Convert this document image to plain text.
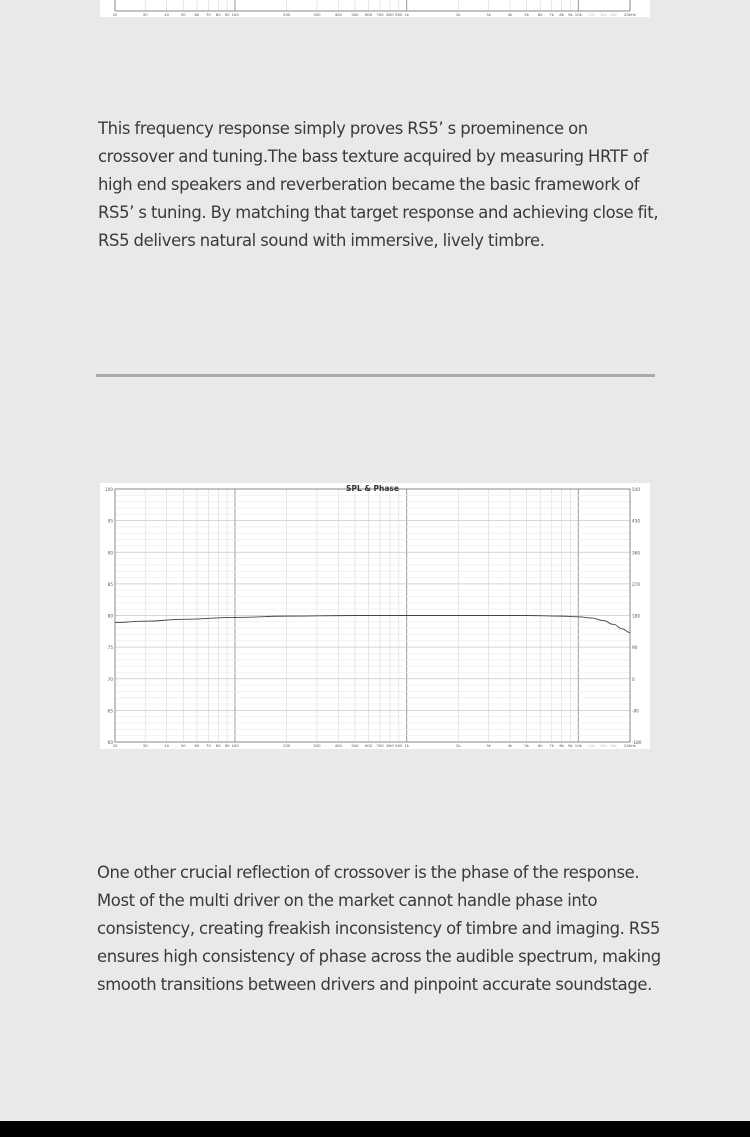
20	30	40	50 60 70 80 90 100	200	300	400 500 600 700 800 900 1k	2k	3k	4k	5k 6k 7k 8k 9k 10k 12k 14k 16k 20kHz

This frequency response simply proves RS5’ s proeminence on crossover and tuning.The bass texture acquired by measuring HRTF of high end speakers and reverberation became the basic framework of RS5’ s tuning. By matching that target response and achieving close fit, RS5 delivers natural sound with immersive, lively timbre.

SPL & Phase
100
95
90
85
80
75
70
65
60
540
450
360
270
180
90
0
-90
-180
20	30	40	50 60 70 80 90 100	200	300	400 500 600 700 800 900 1k	2k	3k	4k	5k 6k 7k 8k 9k 10k 12k 14k 16k 20kHz

One other crucial reflection of crossover is the phase of the response. Most of the multi driver on the market cannot handle phase into consistency, creating freakish inconsistency of timbre and imaging. RS5 ensures high consistency of phase across the audible spectrum, making smooth transitions between drivers and pinpoint accurate soundstage.
